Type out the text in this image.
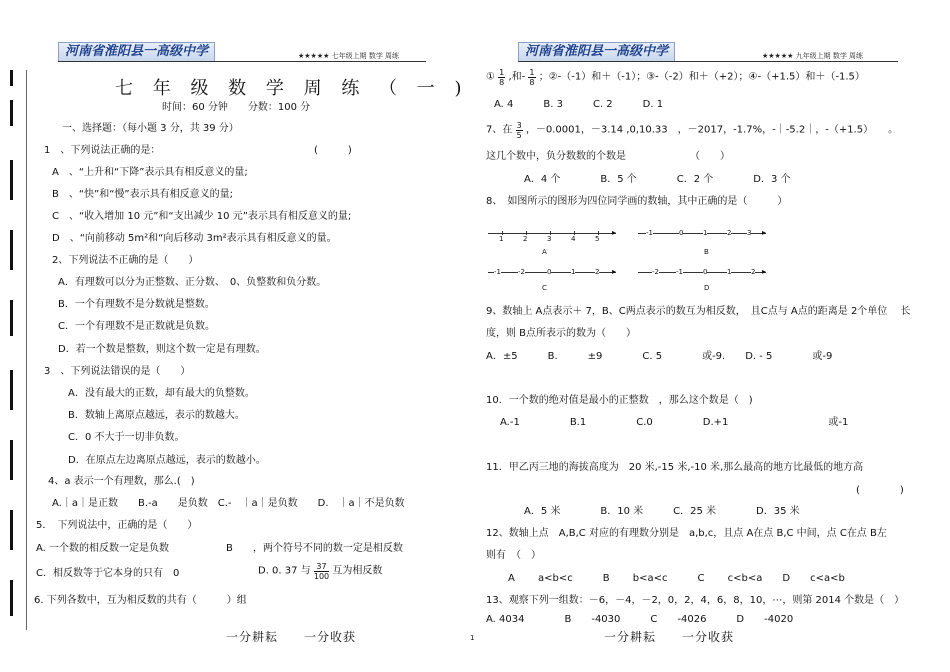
河南省淮阳县一高级中学	★★★★★ 七年级上期 数学 周练	河南省淮阳县一高级中学	★★★★★ 九年级上期 数学 周练
七 年 级 数 学 周 练 （ 一 )
时间：60 分钟　　分数：100 分
一、选择题：（每小题 3 分，共 39 分）
1　、下列说法正确的是：	(　　　)
A　、“上升和“下降”表示具有相反意义的量;
B　、“快”和“慢”表示具有相反意义的量;
C　、“收入增加 10 元”和“支出减少 10 元”表示具有相反意义的量;
D　、“向前移动 5m²和“向后移动 3m²表示具有相反意义的量。
2、下列说法不正确的是（　　）
A．有理数可以分为正整数、正分数、　0、负整数和负分数。
B．一个有理数不是分数就是整数。
C．一个有理数不是正数就是负数。
D．若一个数是整数，则这个数一定是有理数。
3　、下列说法错误的是（　　）
A．没有最大的正数，却有最大的负整数。
B．数轴上离原点越远，表示的数越大。
C．0 不大于一切非负数。
D．在原点左边离原点越远，表示的数越小。
4、a 表示一个有理数，那么.(　)
A.｜a｜是正数　　B.-a　　是负数　C.-　｜a｜是负数　　D.　｜a｜不是负数
5．　下列说法中，正确的是（　　）
A. 一个数的相反数一定是负数	B　　，两个符号不同的数一定是相反数
C．相反数等于它本身的只有　0	D. 0. 37 与 $\frac{37}{100}$ 互为相反数
6. 下列各数中，互为相反数的共有（　　　）组
一分耕耘　　一分收获
① $\frac{1}{8}$ ,和- $\frac{1}{8}$ ；②-（-1）和＋（-1）；③-（-2）和＋（+2）；④-（+1.5）和＋（-1.5）
A. 4　　　B. 3　　　C. 2　　　D. 1
7、在 $\frac{3}{5}$ ，－0.0001，－3.14 ,0,10.33　，－2017，-1.7%，-｜-5.2｜，-（+1.5）　　。
这几个数中，负分数数的个数是	（　　）
A．4 个　　　　B．5 个　　　　C．2 个　　　　D．3 个
8、　如图所示的图形为四位同学画的数轴，其中正确的是（　　　）
▸
1	2	3	4	5
A
▸
-1	0	1	2 3
B
▸
-1 -2	0	1	2
C
▸
-2 -1	0	1	2
D
9、数轴上 A点表示＋ 7，B、C两点表示的数互为相反数，　且C点与 A点的距离是 2个单位　 长
度，则 B点所表示的数为（　　）
A．±5　　　B.　　　±9　　　　C. 5　　　　或-9.　　D. - 5　　　　或-9
10．一个数的绝对值是最小的正整数　，那么这个数是（　)
A.-1　　　　　B.1　　　　　C.0　　　　　D.+1　　　　　　　　　　或-1
11．甲乙丙三地的海拔高度为　20 米,-15 米,-10 米,那么最高的地方比最低的地方高
(　　　　)
A．5 米　　　　B．10 米　　　C．25 米　　　　D．35 米
12、数轴上点　A,B,C 对应的有理数分别是　a,b,c，且点 A在点 B,C 中间，点 C在点 B左
则有　（　）
A　　 a<b<c　　　B　　 b<a<c　　　C　　 c<b<a　　D　　c<a<b
13、观察下列一组数：－6，－4，－2，0，2，4，6，8，10，⋯，则第 2014 个数是（　）
A. 4034　　　　B　　-4030　　　C　　-4026　　　D　　-4020
1	一分耕耘　　一分收获
